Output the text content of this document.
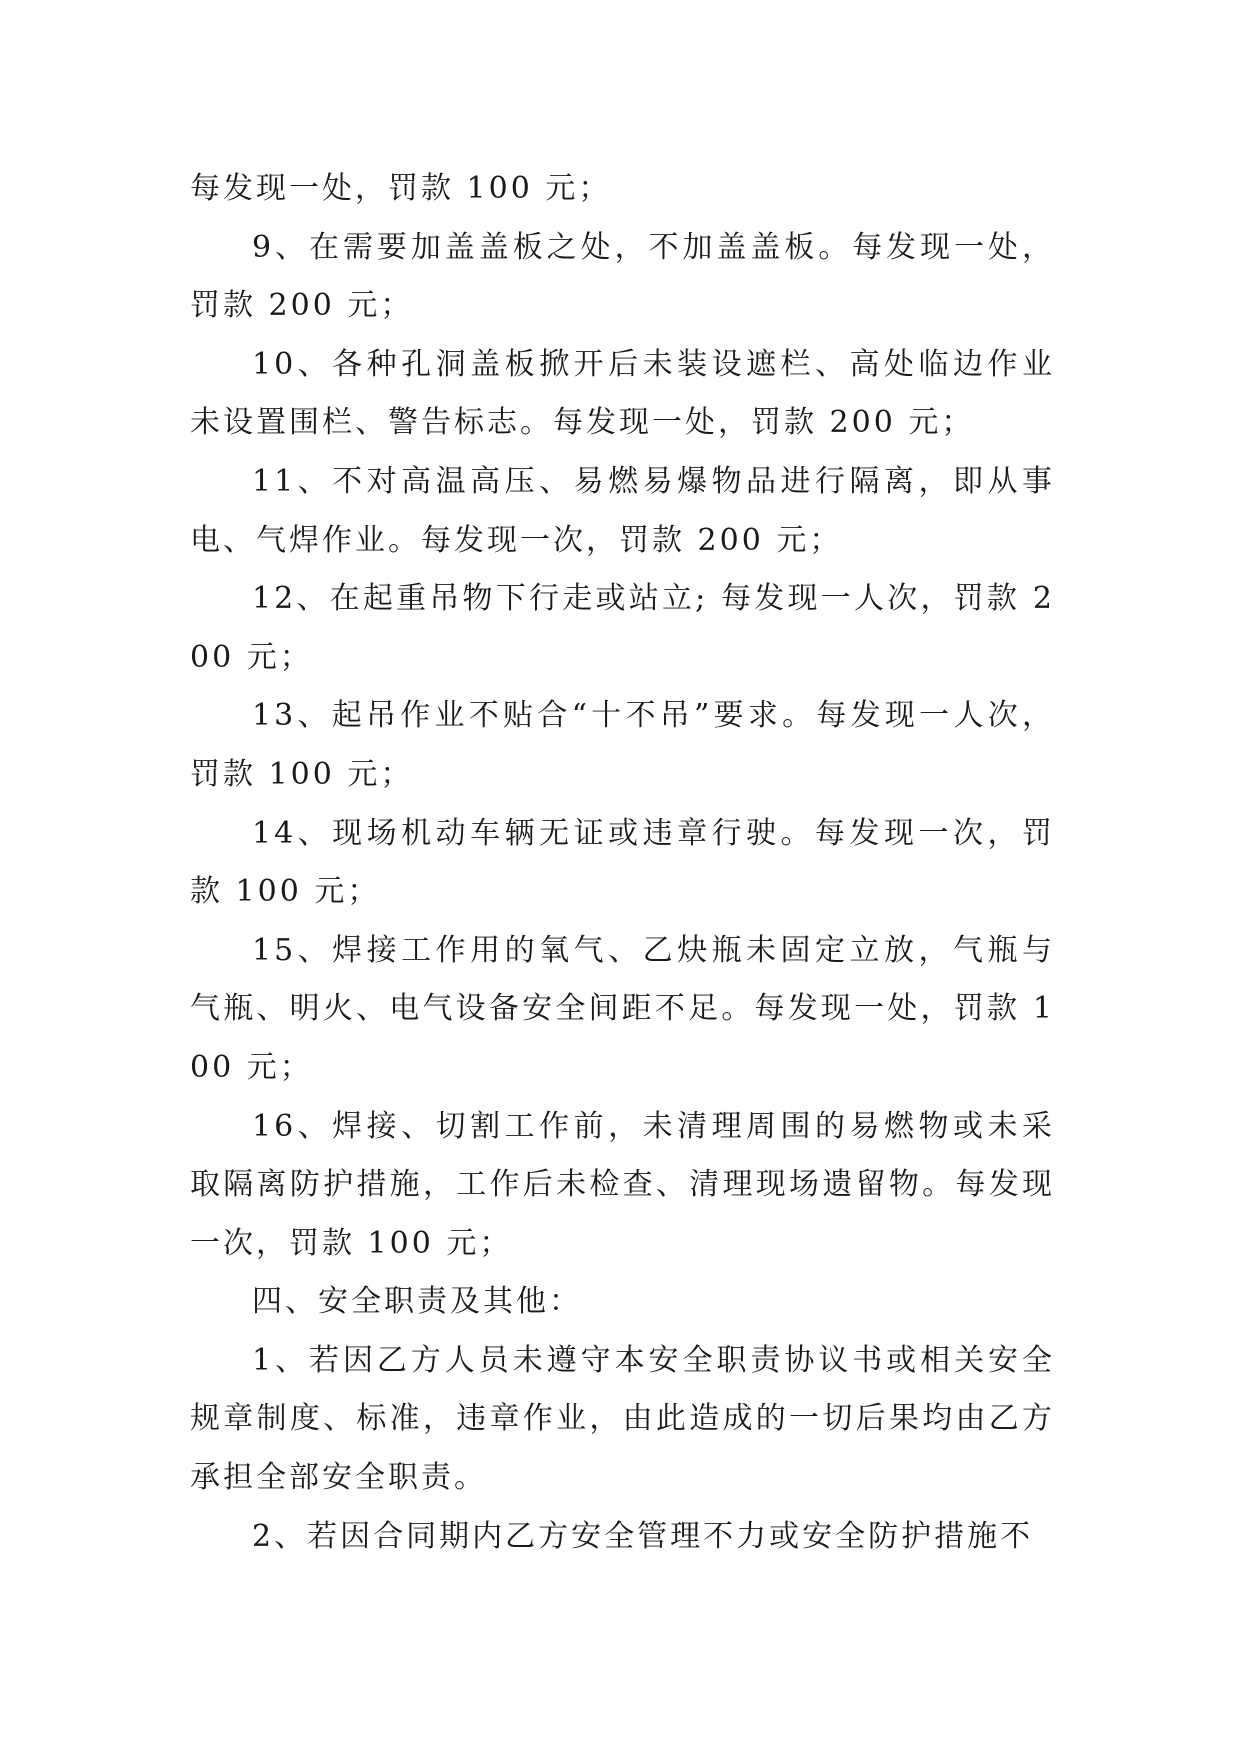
每发现一处，罚款 100 元；

9、在需要加盖盖板之处，不加盖盖板。每发现一处，罚款 200 元；

10、各种孔洞盖板掀开后未装设遮栏、高处临边作业未设置围栏、警告标志。每发现一处，罚款 200 元；

11、不对高温高压、易燃易爆物品进行隔离，即从事电、气焊作业。每发现一次，罚款 200 元；

12、在起重吊物下行走或站立; 每发现一人次，罚款 200 元；

13、起吊作业不贴合“十不吊”要求。每发现一人次，罚款 100 元；

14、现场机动车辆无证或违章行驶。每发现一次，罚款 100 元；

15、焊接工作用的氧气、乙炔瓶未固定立放，气瓶与气瓶、明火、电气设备安全间距不足。每发现一处，罚款 100 元；

16、焊接、切割工作前，未清理周围的易燃物或未采取隔离防护措施，工作后未检查、清理现场遗留物。每发现一次，罚款 100 元；

四、安全职责及其他：

1、若因乙方人员未遵守本安全职责协议书或相关安全规章制度、标准，违章作业，由此造成的一切后果均由乙方承担全部安全职责。

2、若因合同期内乙方安全管理不力或安全防护措施不
